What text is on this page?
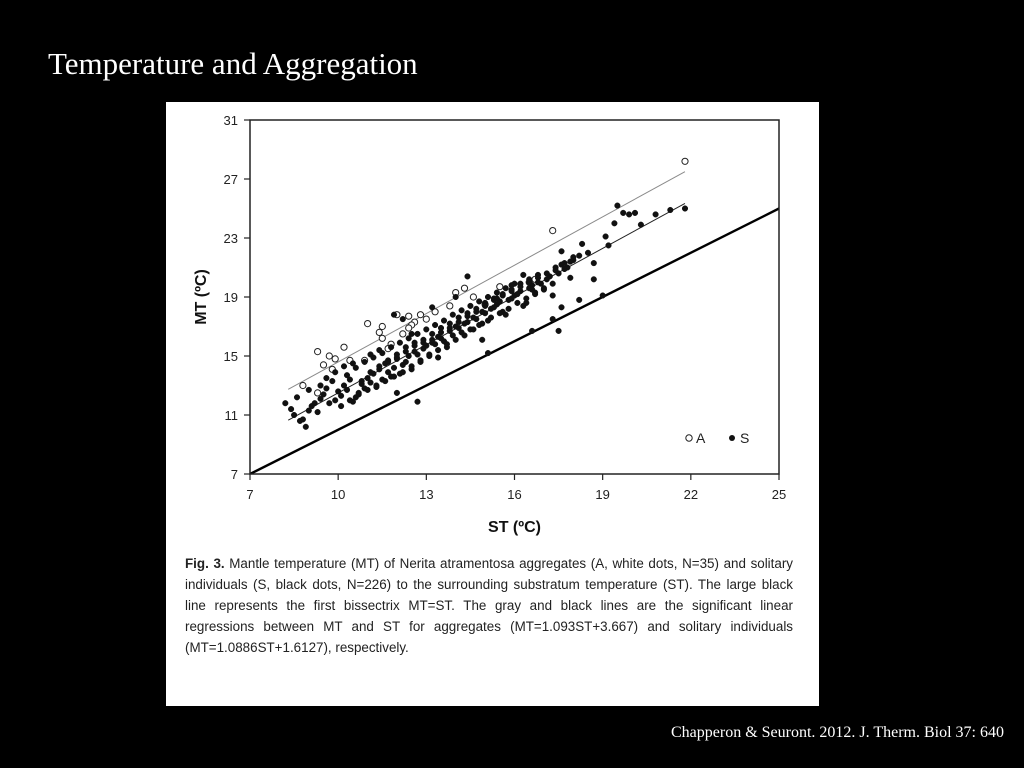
Temperature and Aggregation
7	10	13	16	19	22	25
31
27
23
19
15
11
7
A S
ST (ºC)
MT (ºC)
Fig. 3. Mantle temperature (MT) of Nerita atramentosa aggregates (A, white dots, N=35) and solitary individuals (S, black dots, N=226) to the surrounding substratum temperature (ST). The large black line represents the first bissectrix MT=ST. The gray and black lines are the significant linear regressions between MT and ST for aggregates (MT=1.093ST+3.667) and solitary individuals (MT=1.0886ST+1.6127), respectively.
Chapperon & Seuront. 2012. J. Therm. Biol 37: 640
